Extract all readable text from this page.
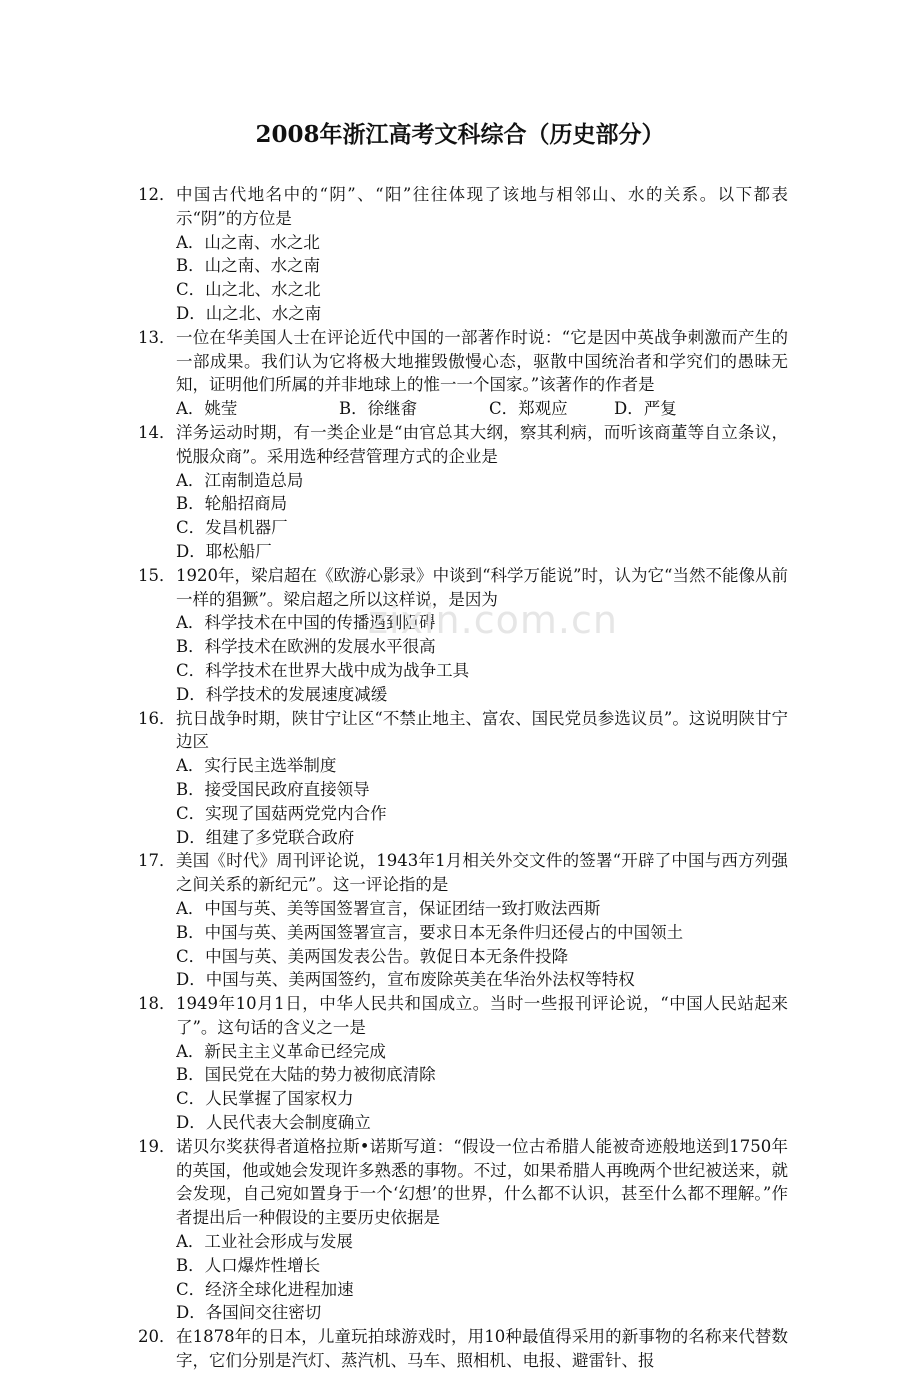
2008年浙江高考文科综合（历史部分）
12． 中国古代地名中的“阴”、“阳”往往体现了该地与相邻山、水的关系。以下都表示“阴”的方位是
A．山之南、水之北
B．山之南、水之南
C．山之北、水之北
D．山之北、水之南
13． 一位在华美国人士在评论近代中国的一部著作时说：“它是因中英战争刺激而产生的一部成果。我们认为它将极大地摧毁傲慢心态，驱散中国统治者和学究们的愚昧无知，证明他们所属的并非地球上的惟一一个国家。”该著作的作者是
A．姚莹	B．徐继畬	C．郑观应	D．严复
14． 洋务运动时期，有一类企业是“由官总其大纲，察其利病，而听该商董等自立条议，悦服众商”。采用选种经营管理方式的企业是
A．江南制造总局
B．轮船招商局
C．发昌机器厂
D．耶松船厂
15． 1920年，梁启超在《欧游心影录》中谈到“科学万能说”时，认为它“当然不能像从前一样的猖獗”。梁启超之所以这样说，是因为
A．科学技术在中国的传播遇到阻碍
B．科学技术在欧洲的发展水平很高
C．科学技术在世界大战中成为战争工具
D．科学技术的发展速度减缓
16． 抗日战争时期，陕甘宁让区“不禁止地主、富农、国民党员参选议员”。这说明陕甘宁边区
A．实行民主选举制度
B．接受国民政府直接领导
C．实现了国菇两党党内合作
D．组建了多党联合政府
17． 美国《时代》周刊评论说，1943年1月相关外交文件的签署“开辟了中国与西方列强之间关系的新纪元”。这一评论指的是
A．中国与英、美等国签署宣言，保证团结一致打败法西斯
B．中国与英、美两国签署宣言，要求日本无条件归还侵占的中国领土
C．中国与英、美两国发表公告。敦促日本无条件投降
D．中国与英、美两国签约，宣布废除英美在华治外法权等特权
18． 1949年10月1日，中华人民共和国成立。当时一些报刊评论说，“中国人民站起来了”。这句话的含义之一是
A．新民主主义革命已经完成
B．国民党在大陆的势力被彻底清除
C．人民掌握了国家权力
D．人民代表大会制度确立
19． 诺贝尔奖获得者道格拉斯•诺斯写道：“假设一位古希腊人能被奇迹般地送到1750年的英国，他或她会发现许多熟悉的事物。不过，如果希腊人再晚两个世纪被送来，就会发现，自己宛如置身于一个‘幻想’的世界，什么都不认识，甚至什么都不理解。”作者提出后一种假设的主要历史依据是
A．工业社会形成与发展
B．人口爆炸性增长
C．经济全球化进程加速
D．各国间交往密切
20． 在1878年的日本，儿童玩拍球游戏时，用10种最值得采用的新事物的名称来代替数字，它们分别是汽灯、蒸汽机、马车、照相机、电报、避雷针、报
zixin.com.cn
